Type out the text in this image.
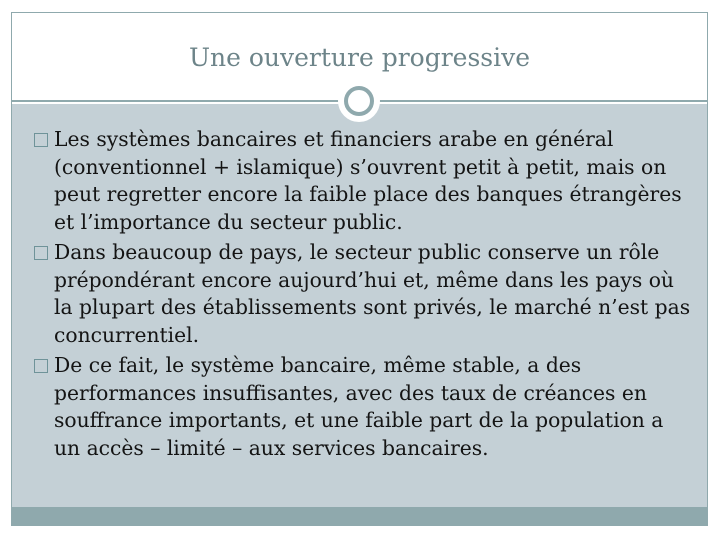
Une ouverture progressive
Les systèmes bancaires et financiers arabe en général (conventionnel + islamique) s’ouvrent petit à petit, mais on peut regretter encore la faible place des banques étrangères et l’importance du secteur public.
Dans beaucoup de pays, le secteur public conserve un rôle prépondérant encore aujourd’hui et, même dans les pays où la plupart des établissements sont privés, le marché n’est pas concurrentiel.
De ce fait, le système bancaire, même stable, a des performances insuffisantes, avec des taux de créances en souffrance importants, et une faible part de la population a un accès – limité – aux services bancaires.
